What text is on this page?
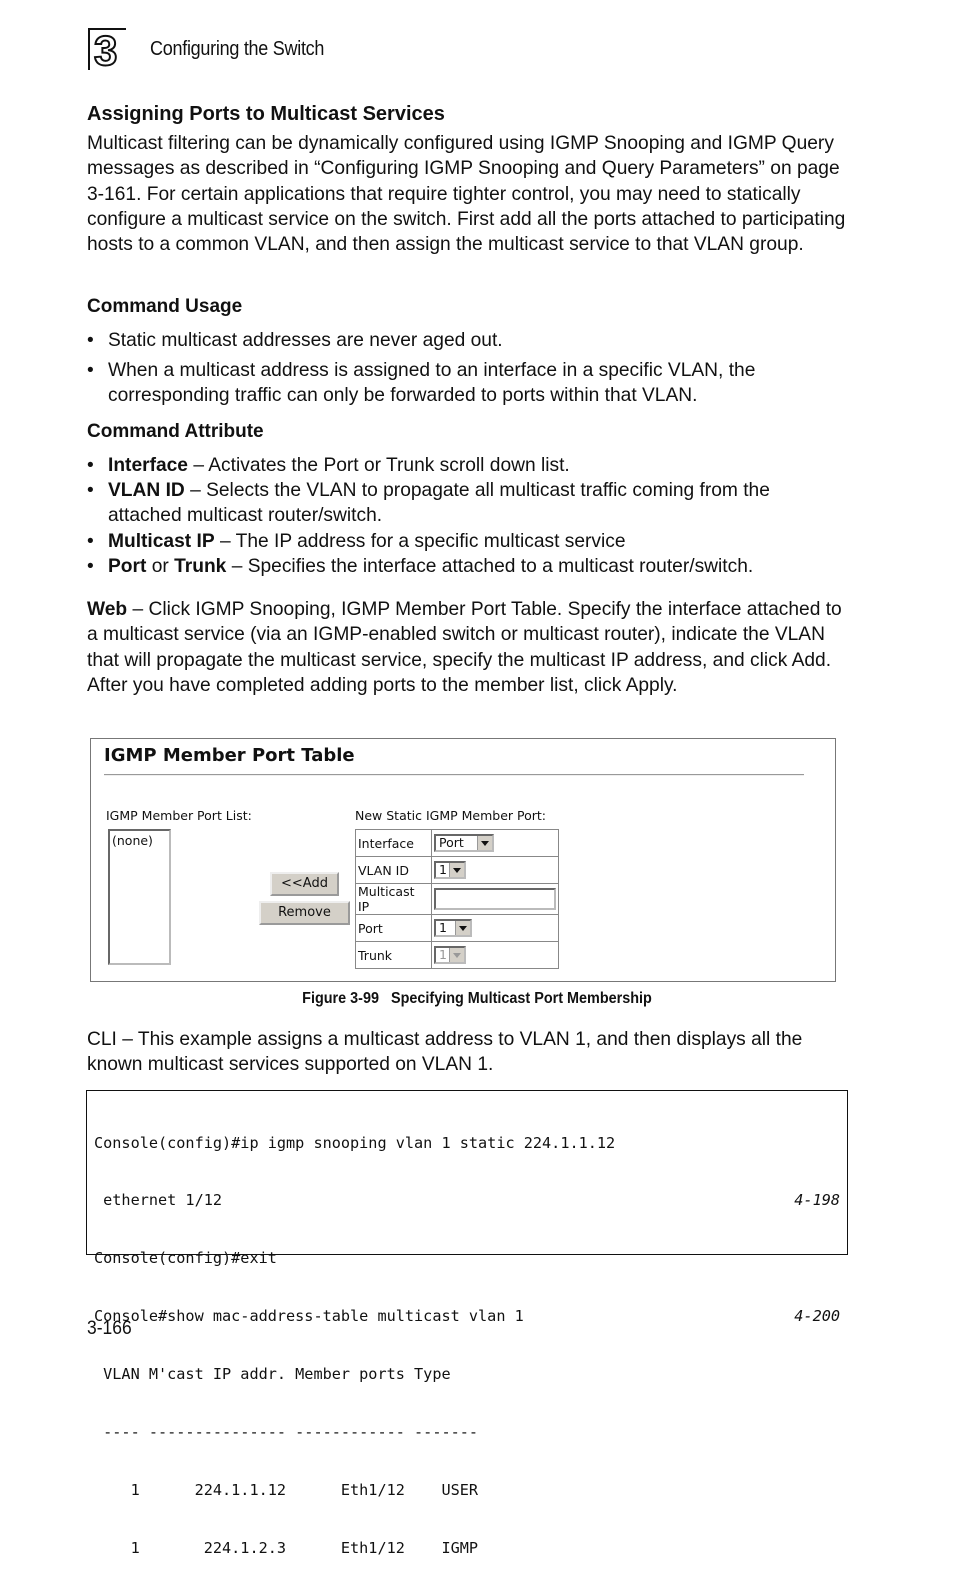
3	Configuring the Switch
Assigning Ports to Multicast Services
Multicast filtering can be dynamically configured using IGMP Snooping and IGMP Query messages as described in “Configuring IGMP Snooping and Query Parameters” on page 3-161. For certain applications that require tighter control, you may need to statically configure a multicast service on the switch. First add all the ports attached to participating hosts to a common VLAN, and then assign the multicast service to that VLAN group.
Command Usage
• Static multicast addresses are never aged out.
• When a multicast address is assigned to an interface in a specific VLAN, the corresponding traffic can only be forwarded to ports within that VLAN.
Command Attribute
• Interface – Activates the Port or Trunk scroll down list.
• VLAN ID – Selects the VLAN to propagate all multicast traffic coming from the attached multicast router/switch.
• Multicast IP – The IP address for a specific multicast service
• Port or Trunk – Specifies the interface attached to a multicast router/switch.
Web – Click IGMP Snooping, IGMP Member Port Table. Specify the interface attached to a multicast service (via an IGMP-enabled switch or multicast router), indicate the VLAN that will propagate the multicast service, specify the multicast IP address, and click Add. After you have completed adding ports to the member list, click Apply.
IGMP Member Port Table
IGMP Member Port List:
(none)
<<Add
Remove
New Static IGMP Member Port:
Interface	Port

VLAN ID	1

Multicast IP	
Port	1

Trunk	1
Figure 3-99 Specifying Multicast Port Membership
CLI – This example assigns a multicast address to VLAN 1, and then displays all the known multicast services supported on VLAN 1.

Console(config)#ip igmp snooping vlan 1 static 224.1.1.12

ethernet 1/12	4-198

Console(config)#exit

Console#show mac-address-table multicast vlan 1	4-200

VLAN M'cast IP addr. Member ports Type

---- --------------- ------------ -------

1      224.1.1.12      Eth1/12    USER

1       224.1.2.3      Eth1/12    IGMP

3-166
